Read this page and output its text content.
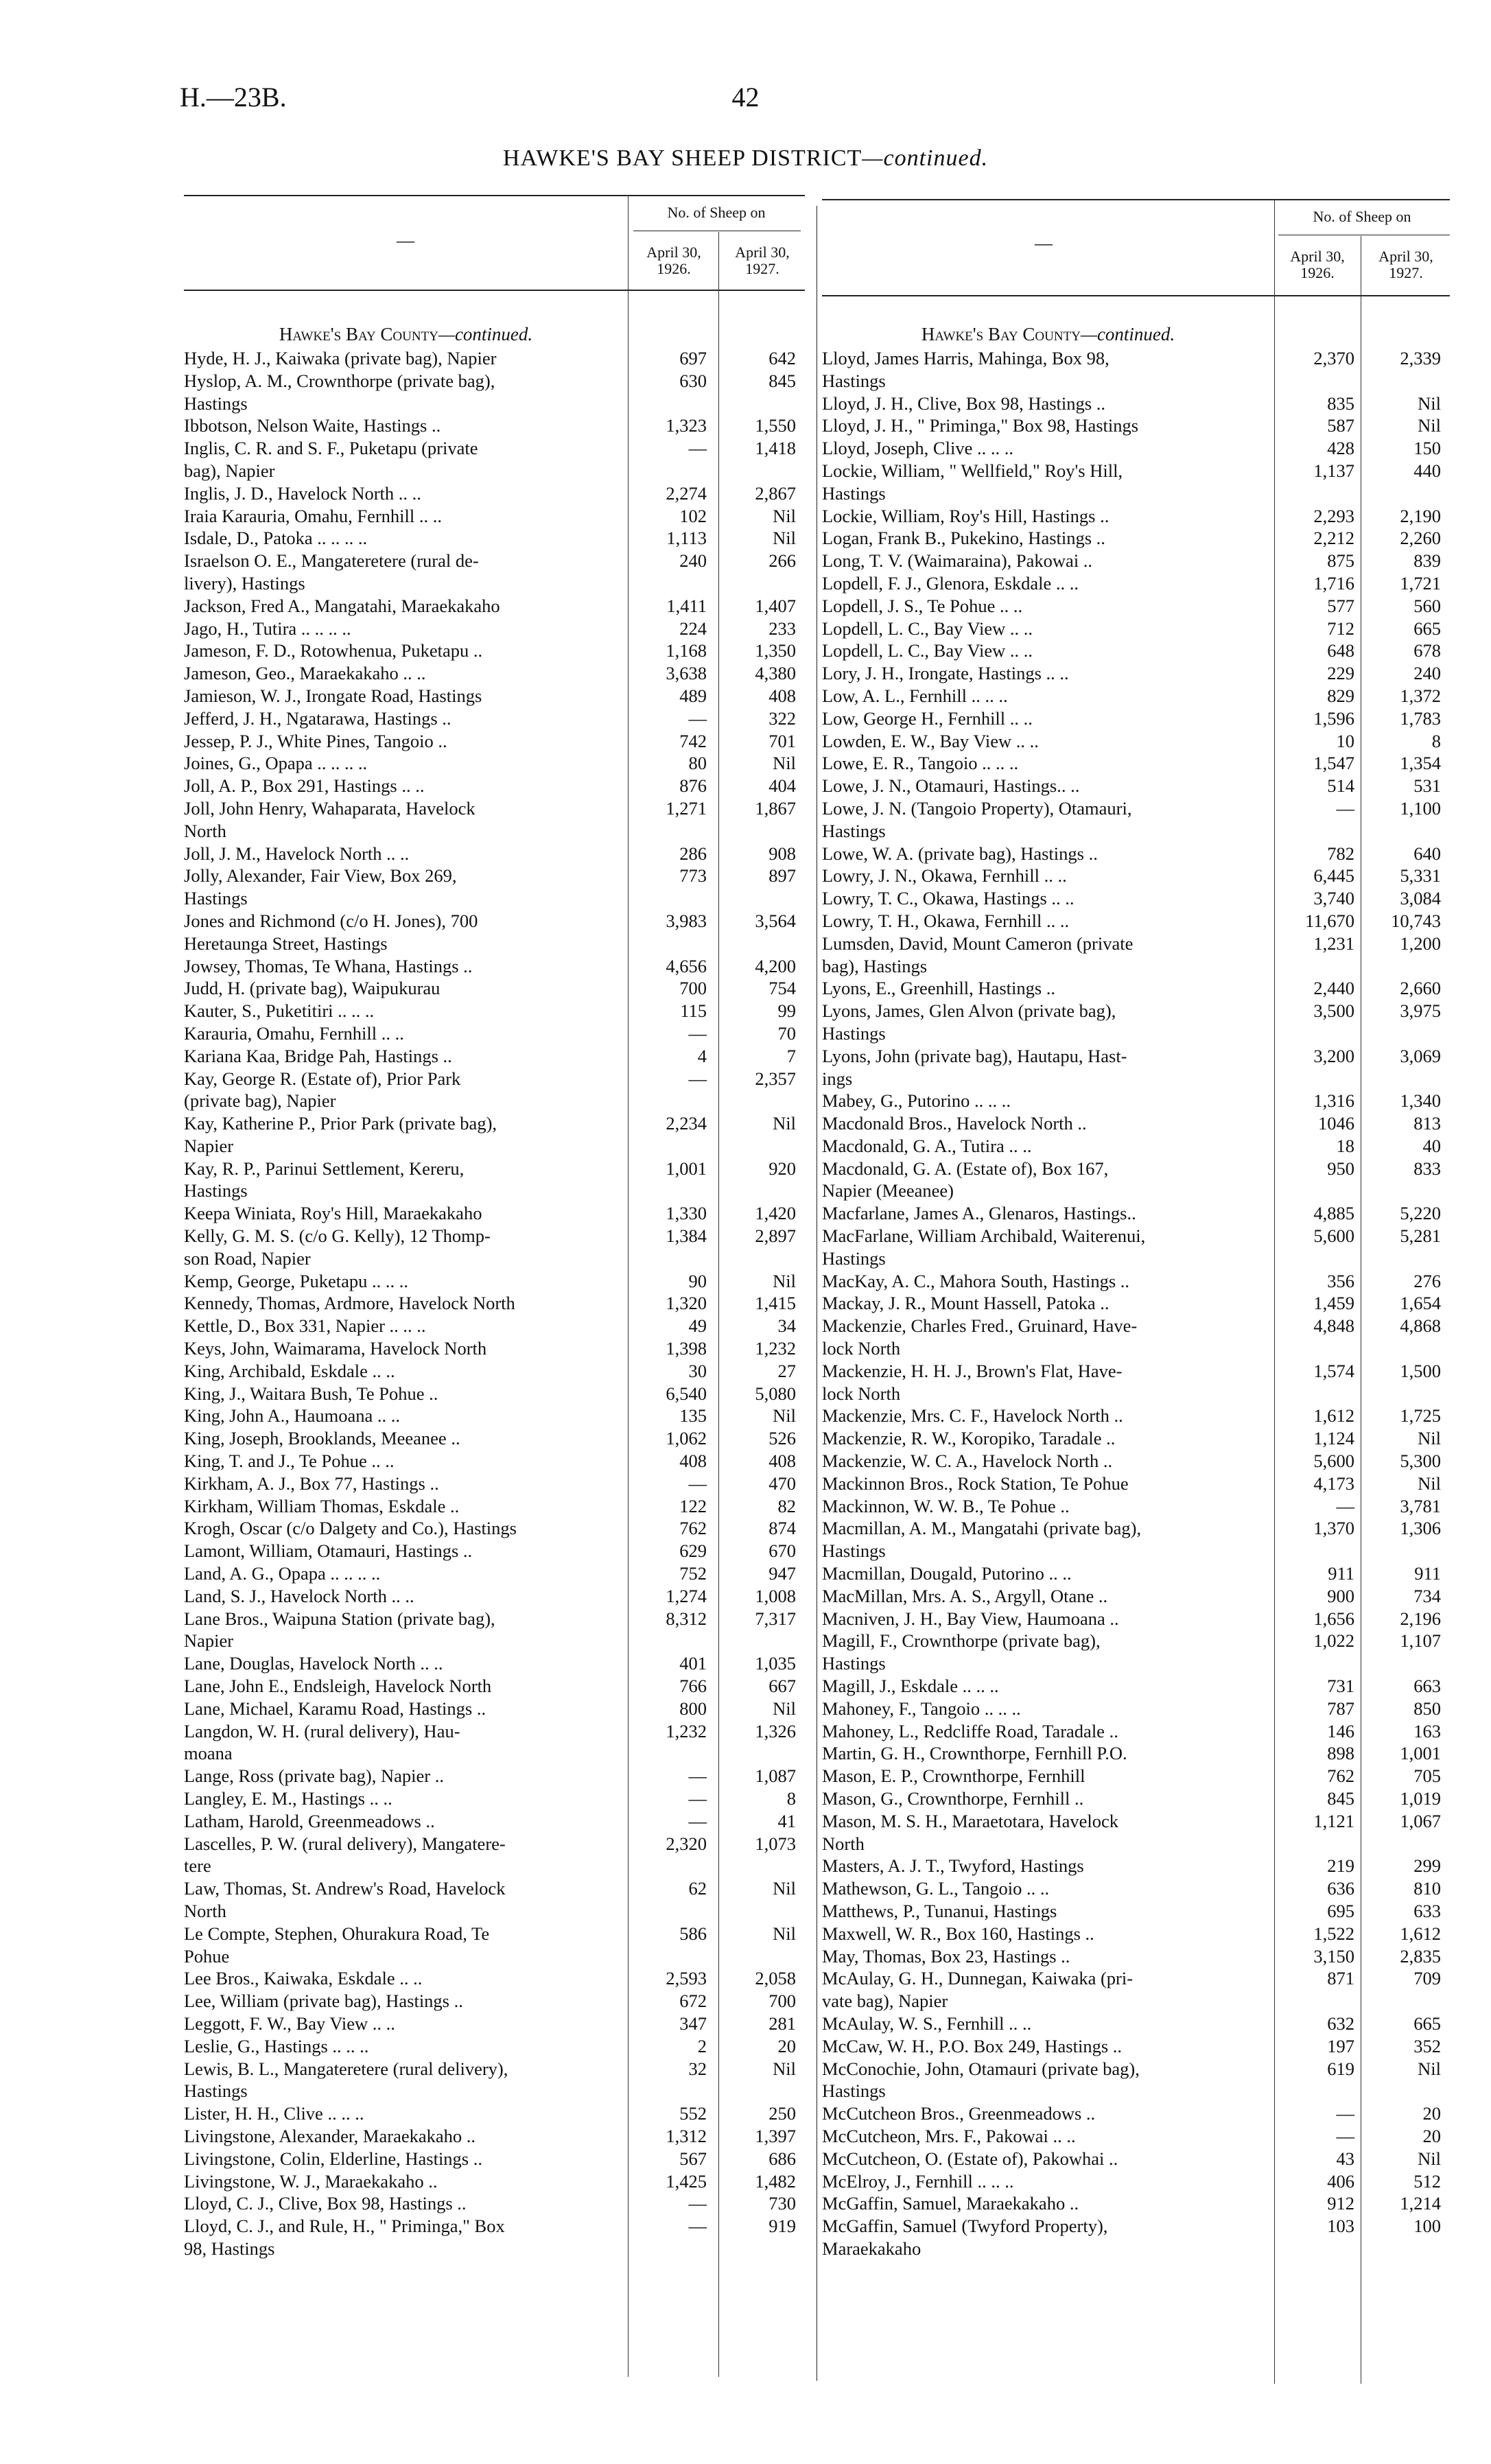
H.—23B.	42
HAWKE'S BAY SHEEP DISTRICT—continued.
—
No. of Sheep on
April 30, 1926.
April 30, 1927.
Hawke's Bay County—continued.
Hyde, H. J., Kaiwaka (private bag), Napier	697	642
Hyslop, A. M., Crownthorpe (private bag),
Hastings
630	845
Ibbotson, Nelson Waite, Hastings ..	1,323	1,550
Inglis, C. R. and S. F., Puketapu (private
bag), Napier
—	1,418
Inglis, J. D., Havelock North .. ..	2,274	2,867
Iraia Karauria, Omahu, Fernhill .. ..	102	Nil
Isdale, D., Patoka .. .. .. ..	1,113	Nil
Israelson O. E., Mangateretere (rural de-
livery), Hastings
240	266
Jackson, Fred A., Mangatahi, Maraekakaho	1,411	1,407
Jago, H., Tutira .. .. .. ..	224	233
Jameson, F. D., Rotowhenua, Puketapu ..	1,168	1,350
Jameson, Geo., Maraekakaho .. ..	3,638	4,380
Jamieson, W. J., Irongate Road, Hastings	489	408
Jefferd, J. H., Ngatarawa, Hastings ..	—	322
Jessep, P. J., White Pines, Tangoio ..	742	701
Joines, G., Opapa .. .. .. ..	80	Nil
Joll, A. P., Box 291, Hastings .. ..	876	404
Joll, John Henry, Wahaparata, Havelock
North
1,271	1,867
Joll, J. M., Havelock North .. ..	286	908
Jolly, Alexander, Fair View, Box 269,
Hastings
773	897
Jones and Richmond (c/o H. Jones), 700
Heretaunga Street, Hastings
3,983	3,564
Jowsey, Thomas, Te Whana, Hastings ..	4,656	4,200
Judd, H. (private bag), Waipukurau	700	754
Kauter, S., Puketitiri .. .. ..	115	99
Karauria, Omahu, Fernhill .. ..	—	70
Kariana Kaa, Bridge Pah, Hastings ..	4	7
Kay, George R. (Estate of), Prior Park
(private bag), Napier
—	2,357
Kay, Katherine P., Prior Park (private bag),
Napier
2,234	Nil
Kay, R. P., Parinui Settlement, Kereru,
Hastings
1,001	920
Keepa Winiata, Roy's Hill, Maraekakaho	1,330	1,420
Kelly, G. M. S. (c/o G. Kelly), 12 Thomp-
son Road, Napier
1,384	2,897
Kemp, George, Puketapu .. .. ..	90	Nil
Kennedy, Thomas, Ardmore, Havelock North	1,320	1,415
Kettle, D., Box 331, Napier .. .. ..	49	34
Keys, John, Waimarama, Havelock North	1,398	1,232
King, Archibald, Eskdale .. ..	30	27
King, J., Waitara Bush, Te Pohue ..	6,540	5,080
King, John A., Haumoana .. ..	135	Nil
King, Joseph, Brooklands, Meeanee ..	1,062	526
King, T. and J., Te Pohue .. ..	408	408
Kirkham, A. J., Box 77, Hastings ..	—	470
Kirkham, William Thomas, Eskdale ..	122	82
Krogh, Oscar (c/o Dalgety and Co.), Hastings	762	874
Lamont, William, Otamauri, Hastings ..	629	670
Land, A. G., Opapa .. .. .. ..	752	947
Land, S. J., Havelock North .. ..	1,274	1,008
Lane Bros., Waipuna Station (private bag),
Napier
8,312	7,317
Lane, Douglas, Havelock North .. ..	401	1,035
Lane, John E., Endsleigh, Havelock North	766	667
Lane, Michael, Karamu Road, Hastings ..	800	Nil
Langdon, W. H. (rural delivery), Hau-
moana
1,232	1,326
Lange, Ross (private bag), Napier ..	—	1,087
Langley, E. M., Hastings .. ..	—	8
Latham, Harold, Greenmeadows ..	—	41
Lascelles, P. W. (rural delivery), Mangatere-
tere
2,320	1,073
Law, Thomas, St. Andrew's Road, Havelock
North
62	Nil
Le Compte, Stephen, Ohurakura Road, Te
Pohue
586	Nil
Lee Bros., Kaiwaka, Eskdale .. ..	2,593	2,058
Lee, William (private bag), Hastings ..	672	700
Leggott, F. W., Bay View .. ..	347	281
Leslie, G., Hastings .. .. ..	2	20
Lewis, B. L., Mangateretere (rural delivery),
Hastings
32	Nil
Lister, H. H., Clive .. .. ..	552	250
Livingstone, Alexander, Maraekakaho ..	1,312	1,397
Livingstone, Colin, Elderline, Hastings ..	567	686
Livingstone, W. J., Maraekakaho ..	1,425	1,482
Lloyd, C. J., Clive, Box 98, Hastings ..	—	730
Lloyd, C. J., and Rule, H., " Priminga," Box
98, Hastings
—	919
—
No. of Sheep on
April 30, 1926.
April 30, 1927.
Hawke's Bay County—continued.
Lloyd, James Harris, Mahinga, Box 98,
Hastings
2,370	2,339
Lloyd, J. H., Clive, Box 98, Hastings ..	835	Nil
Lloyd, J. H., " Priminga," Box 98, Hastings	587	Nil
Lloyd, Joseph, Clive .. .. ..	428	150
Lockie, William, " Wellfield," Roy's Hill,
Hastings
1,137	440
Lockie, William, Roy's Hill, Hastings ..	2,293	2,190
Logan, Frank B., Pukekino, Hastings ..	2,212	2,260
Long, T. V. (Waimaraina), Pakowai ..	875	839
Lopdell, F. J., Glenora, Eskdale .. ..	1,716	1,721
Lopdell, J. S., Te Pohue .. ..	577	560
Lopdell, L. C., Bay View .. ..	712	665
Lopdell, L. C., Bay View .. ..	648	678
Lory, J. H., Irongate, Hastings .. ..	229	240
Low, A. L., Fernhill .. .. ..	829	1,372
Low, George H., Fernhill .. ..	1,596	1,783
Lowden, E. W., Bay View .. ..	10	8
Lowe, E. R., Tangoio .. .. ..	1,547	1,354
Lowe, J. N., Otamauri, Hastings.. ..	514	531
Lowe, J. N. (Tangoio Property), Otamauri,
Hastings
—	1,100
Lowe, W. A. (private bag), Hastings ..	782	640
Lowry, J. N., Okawa, Fernhill .. ..	6,445	5,331
Lowry, T. C., Okawa, Hastings .. ..	3,740	3,084
Lowry, T. H., Okawa, Fernhill .. ..	11,670	10,743
Lumsden, David, Mount Cameron (private
bag), Hastings
1,231	1,200
Lyons, E., Greenhill, Hastings ..	2,440	2,660
Lyons, James, Glen Alvon (private bag),
Hastings
3,500	3,975
Lyons, John (private bag), Hautapu, Hast-
ings
3,200	3,069
Mabey, G., Putorino .. .. ..	1,316	1,340
Macdonald Bros., Havelock North ..	1046	813
Macdonald, G. A., Tutira .. ..	18	40
Macdonald, G. A. (Estate of), Box 167,
Napier (Meeanee)
950	833
Macfarlane, James A., Glenaros, Hastings..	4,885	5,220
MacFarlane, William Archibald, Waiterenui,
Hastings
5,600	5,281
MacKay, A. C., Mahora South, Hastings ..	356	276
Mackay, J. R., Mount Hassell, Patoka ..	1,459	1,654
Mackenzie, Charles Fred., Gruinard, Have-
lock North
4,848	4,868
Mackenzie, H. H. J., Brown's Flat, Have-
lock North
1,574	1,500
Mackenzie, Mrs. C. F., Havelock North ..	1,612	1,725
Mackenzie, R. W., Koropiko, Taradale ..	1,124	Nil
Mackenzie, W. C. A., Havelock North ..	5,600	5,300
Mackinnon Bros., Rock Station, Te Pohue	4,173	Nil
Mackinnon, W. W. B., Te Pohue ..	—	3,781
Macmillan, A. M., Mangatahi (private bag),
Hastings
1,370	1,306
Macmillan, Dougald, Putorino .. ..	911	911
MacMillan, Mrs. A. S., Argyll, Otane ..	900	734
Macniven, J. H., Bay View, Haumoana ..	1,656	2,196
Magill, F., Crownthorpe (private bag),
Hastings
1,022	1,107
Magill, J., Eskdale .. .. ..	731	663
Mahoney, F., Tangoio .. .. ..	787	850
Mahoney, L., Redcliffe Road, Taradale ..	146	163
Martin, G. H., Crownthorpe, Fernhill P.O.	898	1,001
Mason, E. P., Crownthorpe, Fernhill	762	705
Mason, G., Crownthorpe, Fernhill ..	845	1,019
Mason, M. S. H., Maraetotara, Havelock
North
1,121	1,067
Masters, A. J. T., Twyford, Hastings	219	299
Mathewson, G. L., Tangoio .. ..	636	810
Matthews, P., Tunanui, Hastings	695	633
Maxwell, W. R., Box 160, Hastings ..	1,522	1,612
May, Thomas, Box 23, Hastings ..	3,150	2,835
McAulay, G. H., Dunnegan, Kaiwaka (pri-
vate bag), Napier
871	709
McAulay, W. S., Fernhill .. ..	632	665
McCaw, W. H., P.O. Box 249, Hastings ..	197	352
McConochie, John, Otamauri (private bag),
Hastings
619	Nil
McCutcheon Bros., Greenmeadows ..	—	20
McCutcheon, Mrs. F., Pakowai .. ..	—	20
McCutcheon, O. (Estate of), Pakowhai ..	43	Nil
McElroy, J., Fernhill .. .. ..	406	512
McGaffin, Samuel, Maraekakaho ..	912	1,214
McGaffin, Samuel (Twyford Property),
Maraekakaho
103	100
